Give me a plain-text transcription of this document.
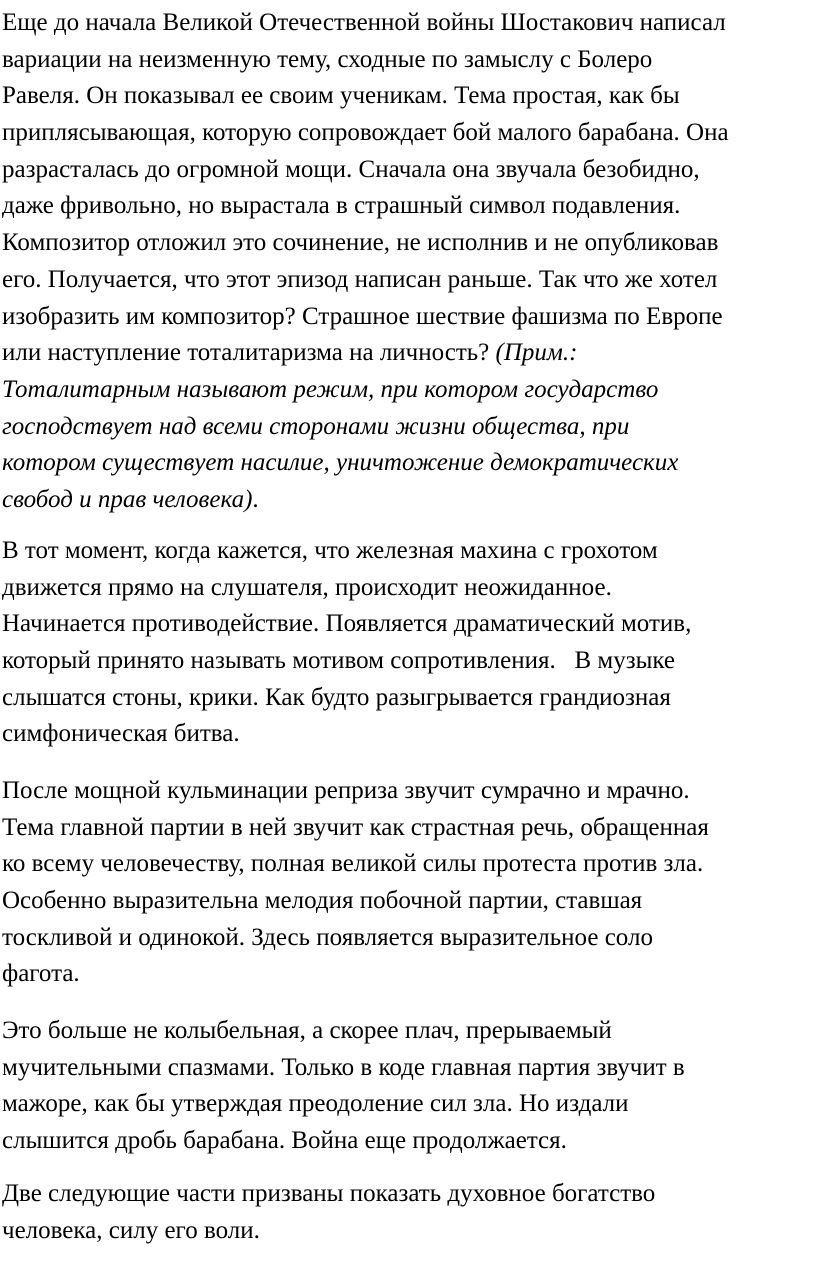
Еще до начала Великой Отечественной войны Шостакович написал
вариации на неизменную тему, сходные по замыслу с Болеро
Равеля. Он показывал ее своим ученикам. Тема простая, как бы
приплясывающая, которую сопровождает бой малого барабана. Она
разрасталась до огромной мощи. Сначала она звучала безобидно,
даже фривольно, но вырастала в страшный символ подавления.
Композитор отложил это сочинение, не исполнив и не опубликовав
его. Получается, что этот эпизод написан раньше. Так что же хотел
изобразить им композитор? Страшное шествие фашизма по Европе
или наступление тоталитаризма на личность? (Прим.:
Тоталитарным называют режим, при котором государство
господствует над всеми сторонами жизни общества, при
котором существует насилие, уничтожение демократических
свобод и прав человека).
В тот момент, когда кажется, что железная махина с грохотом
движется прямо на слушателя, происходит неожиданное.
Начинается противодействие. Появляется драматический мотив,
который принято называть мотивом сопротивления.   В музыке
слышатся стоны, крики. Как будто разыгрывается грандиозная
симфоническая битва.
После мощной кульминации реприза звучит сумрачно и мрачно.
Тема главной партии в ней звучит как страстная речь, обращенная
ко всему человечеству, полная великой силы протеста против зла.
Особенно выразительна мелодия побочной партии, ставшая
тоскливой и одинокой. Здесь появляется выразительное соло
фагота.
Это больше не колыбельная, а скорее плач, прерываемый
мучительными спазмами. Только в коде главная партия звучит в
мажоре, как бы утверждая преодоление сил зла. Но издали
слышится дробь барабана. Война еще продолжается.
Две следующие части призваны показать духовное богатство
человека, силу его воли.
